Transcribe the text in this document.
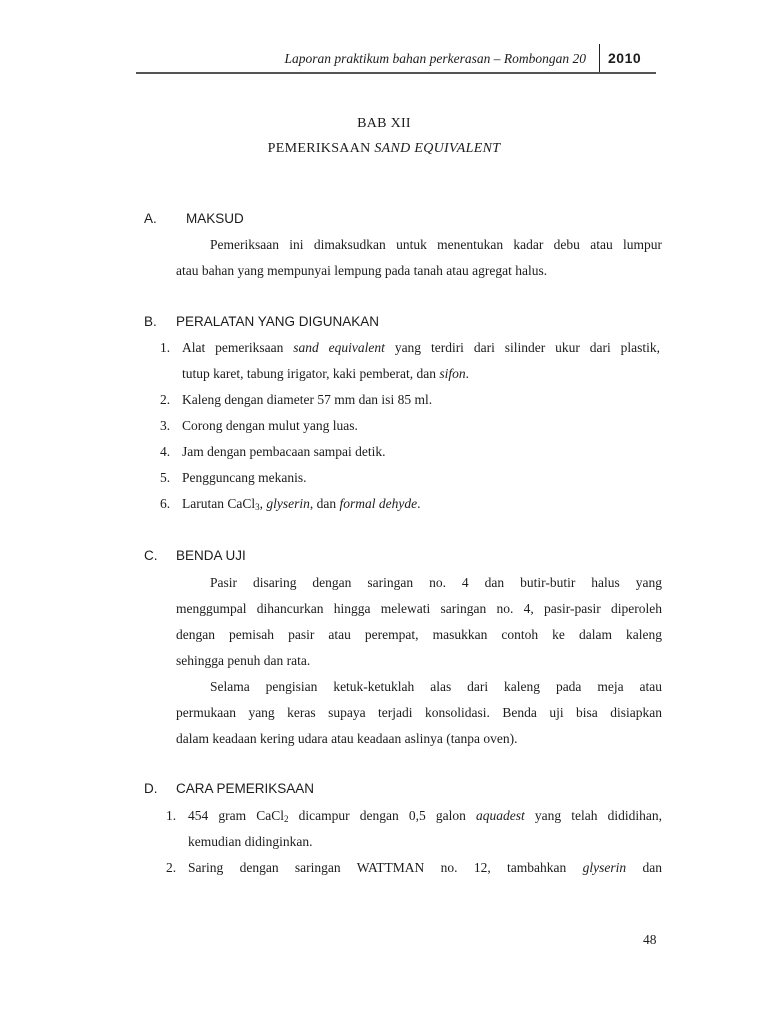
Laporan praktikum bahan perkerasan – Rombongan 20 2010
BAB XII
PEMERIKSAAN SAND EQUIVALENT
A. MAKSUD
Pemeriksaan ini dimaksudkan untuk menentukan kadar debu atau lumpur
atau bahan yang mempunyai lempung pada tanah atau agregat halus.
B. PERALATAN YANG DIGUNAKAN
1. Alat pemeriksaan sand equivalent yang terdiri dari silinder ukur dari plastik,
tutup karet, tabung irigator, kaki pemberat, dan sifon.
2. Kaleng dengan diameter 57 mm dan isi 85 ml.
3. Corong dengan mulut yang luas.
4. Jam dengan pembacaan sampai detik.
5. Pengguncang mekanis.
6. Larutan CaCl$_3$, glyserin, dan formal dehyde.
C. BENDA UJI
Pasir disaring dengan saringan no. 4 dan butir-butir halus yang
menggumpal dihancurkan hingga melewati saringan no. 4, pasir-pasir diperoleh
dengan pemisah pasir atau perempat, masukkan contoh ke dalam kaleng
sehingga penuh dan rata.
Selama pengisian ketuk-ketuklah alas dari kaleng pada meja atau
permukaan yang keras supaya terjadi konsolidasi. Benda uji bisa disiapkan
dalam keadaan kering udara atau keadaan aslinya (tanpa oven).
D. CARA PEMERIKSAAN
1. 454 gram CaCl$_2$ dicampur dengan 0,5 galon aquadest yang telah dididihan,
kemudian didinginkan.
2. Saring dengan saringan WATTMAN no. 12, tambahkan glyserin dan
48
